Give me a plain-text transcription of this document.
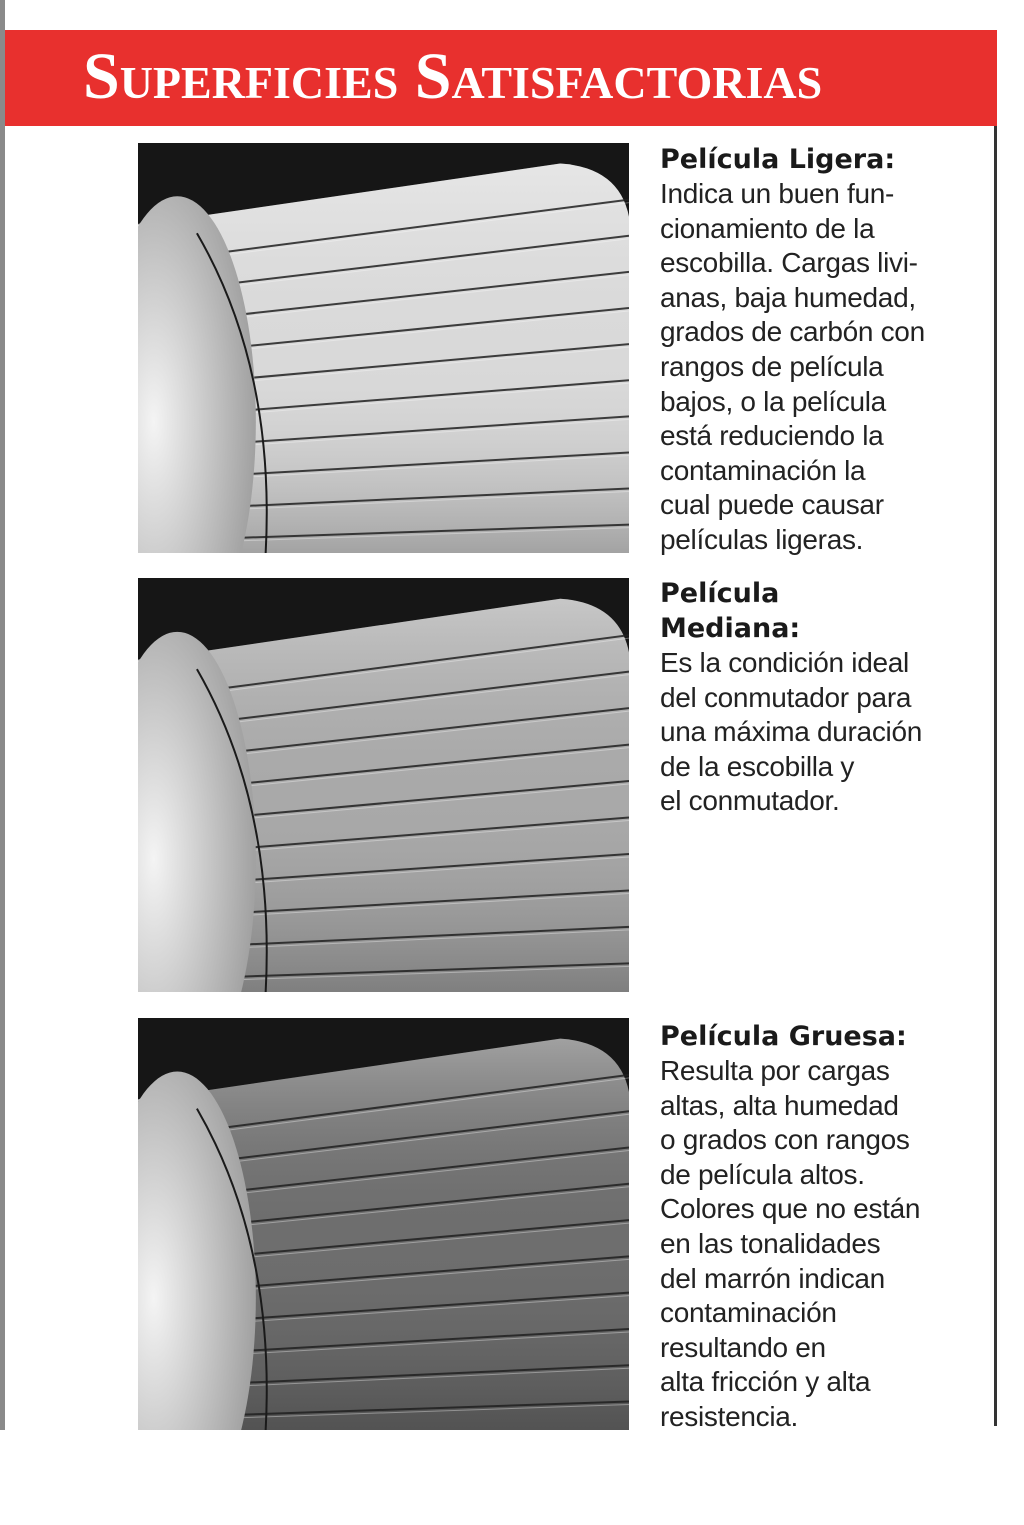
Superficies Satisfactorias

Película Ligera:

Indica un buen fun-
cionamiento de la
escobilla. Cargas livi-
anas, baja humedad,
grados de carbón con
rangos de película
bajos, o la película
está reduciendo la
contaminación la
cual puede causar
películas ligeras.

Película
Mediana:

Es la condición ideal
del conmutador para
una máxima duración
de la escobilla y
el conmutador.

Película Gruesa:

Resulta por cargas
altas, alta humedad
o grados con rangos
de película altos.
Colores que no están
en las tonalidades
del marrón indican
contaminación
resultando en
alta fricción y alta
resistencia.
